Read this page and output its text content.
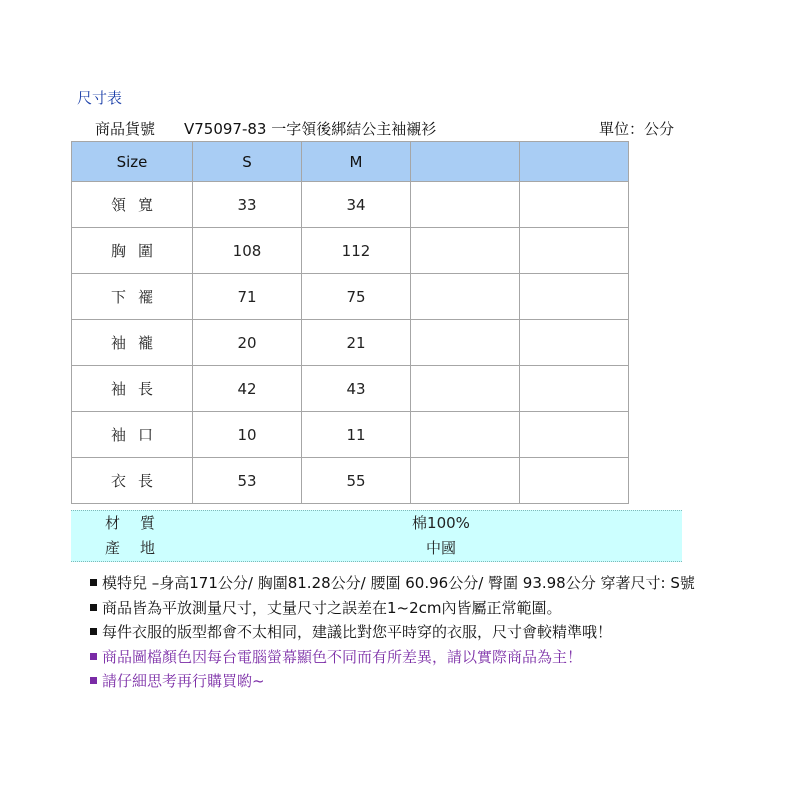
尺寸表
商品貨號 V75097-83 一字領後綁結公主袖襯衫	單位：公分
Size	S	M		
領寬	33	34		
胸圍	108	112		
下襬	71	75		
袖襱	20	21		
袖長	42	43		
袖口	10	11		
衣長	53	55		
材質	棉100%
產地	中國
模特兒 –身高171公分/ 胸圍81.28公分/ 腰圍 60.96公分/ 臀圍 93.98公分 穿著尺寸: S號
商品皆為平放測量尺寸，丈量尺寸之誤差在1~2cm內皆屬正常範圍。
每件衣服的版型都會不太相同，建議比對您平時穿的衣服，尺寸會較精準哦！
商品圖檔顏色因每台電腦螢幕顯色不同而有所差異，請以實際商品為主！
請仔細思考再行購買喲~
